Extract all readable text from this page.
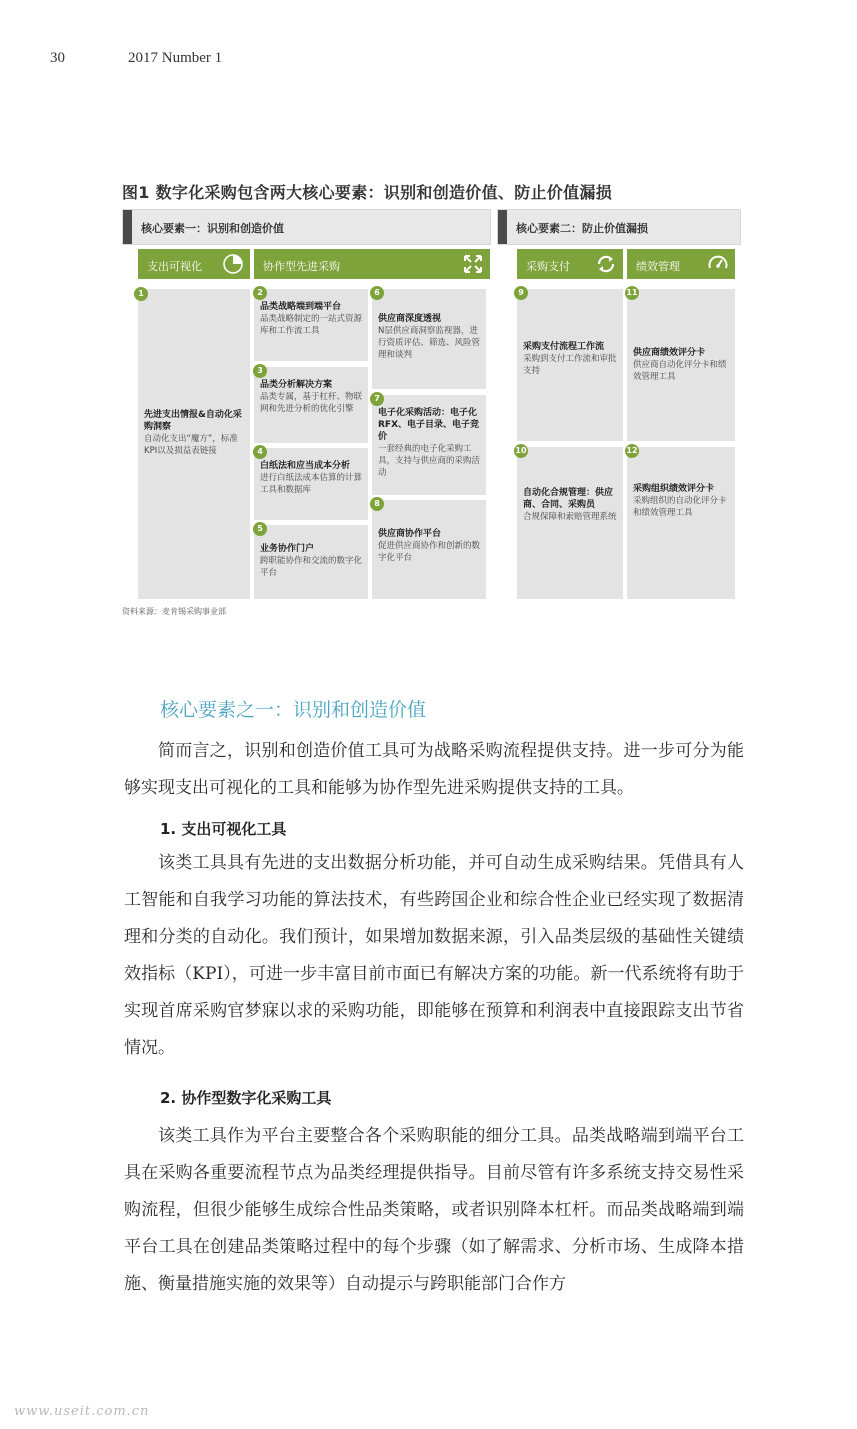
30	2017 Number 1
图1 数字化采购包含两大核心要素：识别和创造价值、防止价值漏损
核心要素一：识别和创造价值	核心要素二：防止价值漏损
支出可视化	协作型先进采购	采购支付	绩效管理
1
先进支出情报&自动化采购洞察
自动化支出“魔方”，标准KPI以及损益表链接
2
品类战略端到端平台
品类战略制定的一站式资源库和工作流工具
3
品类分析解决方案
品类专属，基于杠杆、物联网和先进分析的优化引擎
4
白纸法和应当成本分析
进行白纸法成本估算的计算工具和数据库
5
业务协作门户
跨职能协作和交流的数字化平台
6
供应商深度透视
N层供应商洞察监视器，进行资质评估、筛选、风险管理和谈判
7
电子化采购活动：电子化RFX、电子目录、电子竞价
一套经典的电子化采购工具，支持与供应商的采购活动
8
供应商协作平台
促进供应商协作和创新的数字化平台
9
采购支付流程工作流
采购到支付工作流和审批支持
10
自动化合规管理：供应商、合同、采购员
合规保障和索赔管理系统
11
供应商绩效评分卡
供应商自动化评分卡和绩效管理工具
12
采购组织绩效评分卡
采购组织的自动化评分卡和绩效管理工具
资料来源：麦肯锡采购事业部
核心要素之一：识别和创造价值
简而言之，识别和创造价值工具可为战略采购流程提供支持。进一步可分为能够实现支出可视化的工具和能够为协作型先进采购提供支持的工具。
1. 支出可视化工具
该类工具具有先进的支出数据分析功能，并可自动生成采购结果。凭借具有人工智能和自我学习功能的算法技术，有些跨国企业和综合性企业已经实现了数据清理和分类的自动化。我们预计，如果增加数据来源，引入品类层级的基础性关键绩效指标（KPI），可进一步丰富目前市面已有解决方案的功能。新一代系统将有助于实现首席采购官梦寐以求的采购功能，即能够在预算和利润表中直接跟踪支出节省情况。
2. 协作型数字化采购工具
该类工具作为平台主要整合各个采购职能的细分工具。品类战略端到端平台工具在采购各重要流程节点为品类经理提供指导。目前尽管有许多系统支持交易性采购流程，但很少能够生成综合性品类策略，或者识别降本杠杆。而品类战略端到端平台工具在创建品类策略过程中的每个步骤（如了解需求、分析市场、生成降本措施、衡量措施实施的效果等）自动提示与跨职能部门合作方
www.useit.com.cn
